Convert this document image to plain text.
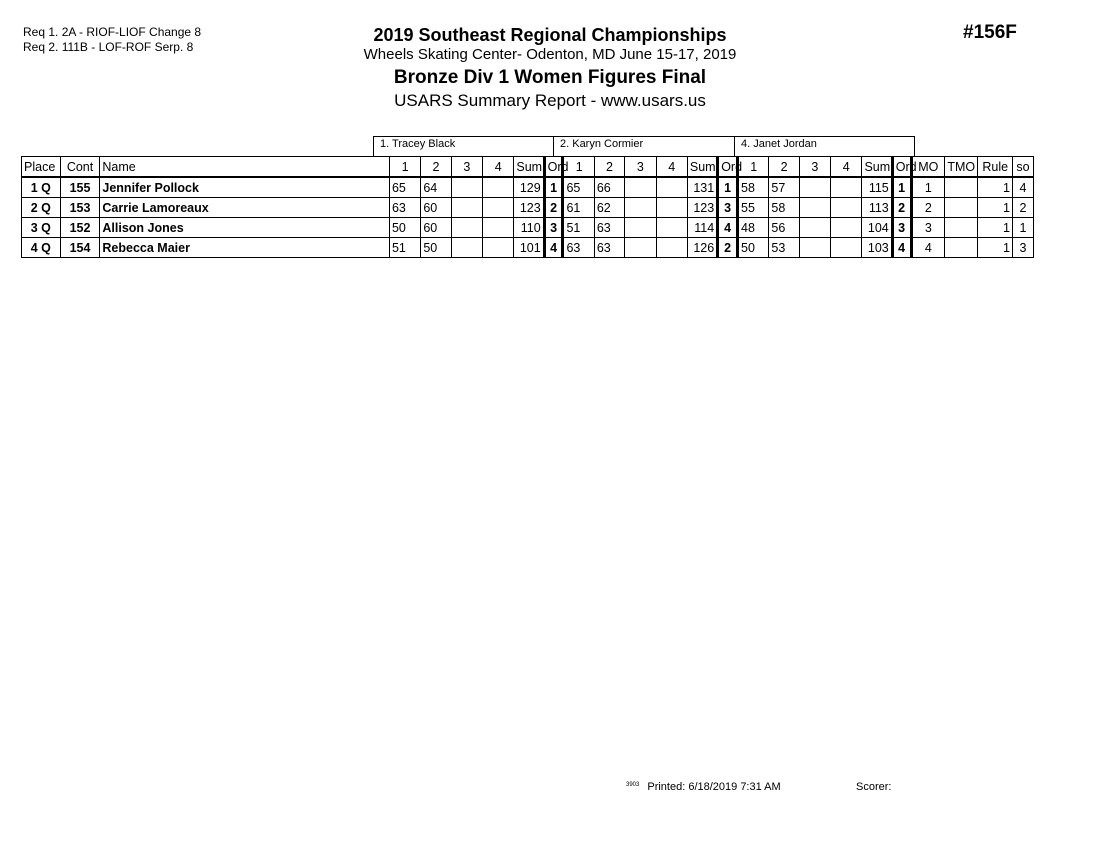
Req 1. 2A - RIOF-LIOF Change 8
Req 2. 111B - LOF-ROF Serp. 8
2019 Southeast Regional Championships
Wheels Skating Center- Odenton, MD June 15-17, 2019
Bronze Div 1 Women Figures Final
USARS Summary Report - www.usars.us
#156F
1. Tracey Black	2. Karyn Cormier	4. Janet Jordan
Place	Cont	Name	1	2	3	4	Sum	Ord	1	2	3	4	Sum	Ord	1	2	3	4	Sum	Ord	MO	TMO	Rule	so
1 Q	155	Jennifer Pollock	65	64			129	1	65	66			131	1	58	57			115	1	1		1	4
2 Q	153	Carrie Lamoreaux	63	60			123	2	61	62			123	3	55	58			113	2	2		1	2
3 Q	152	Allison Jones	50	60			110	3	51	63			114	4	48	56			104	3	3		1	1
4 Q	154	Rebecca Maier	51	50			101	4	63	63			126	2	50	53			103	4	4		1	3
$^{3903}$ Printed: 6/18/2019 7:31 AM	Scorer:
